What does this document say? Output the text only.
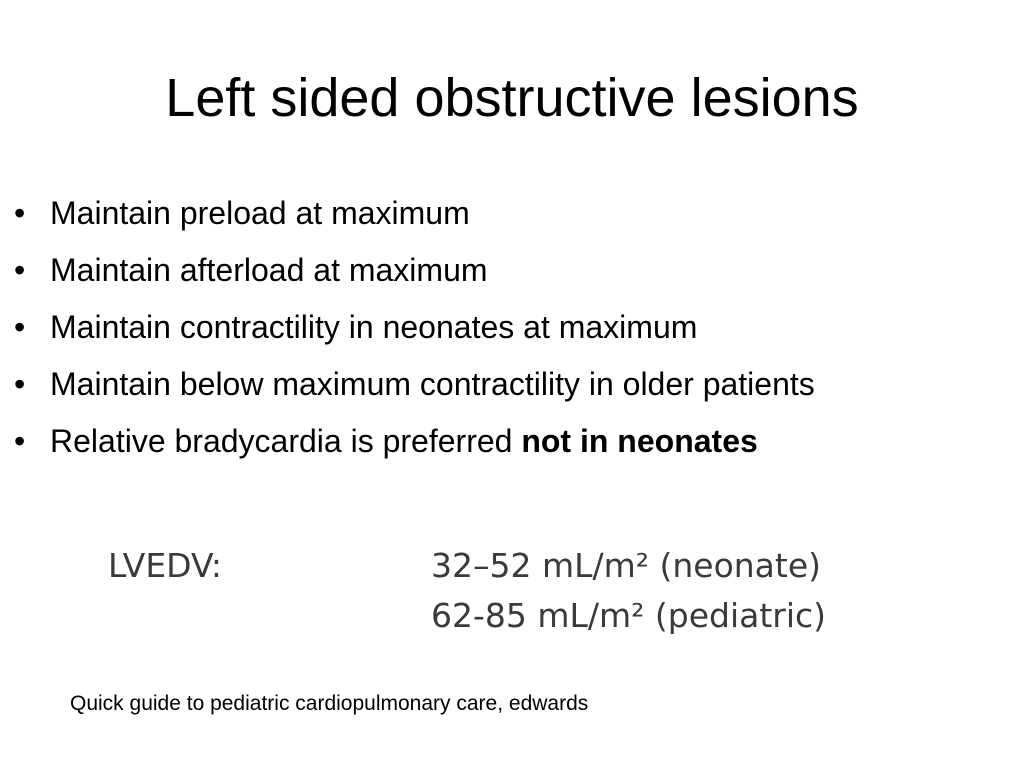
Left sided obstructive lesions
• Maintain preload at maximum
• Maintain afterload at maximum
• Maintain contractility in neonates at maximum
• Maintain below maximum contractility in older patients
• Relative bradycardia is preferred not in neonates
LVEDV:	32–52 mL/m² (neonate)
62-85 mL/m² (pediatric)
Quick guide to pediatric cardiopulmonary care, edwards
